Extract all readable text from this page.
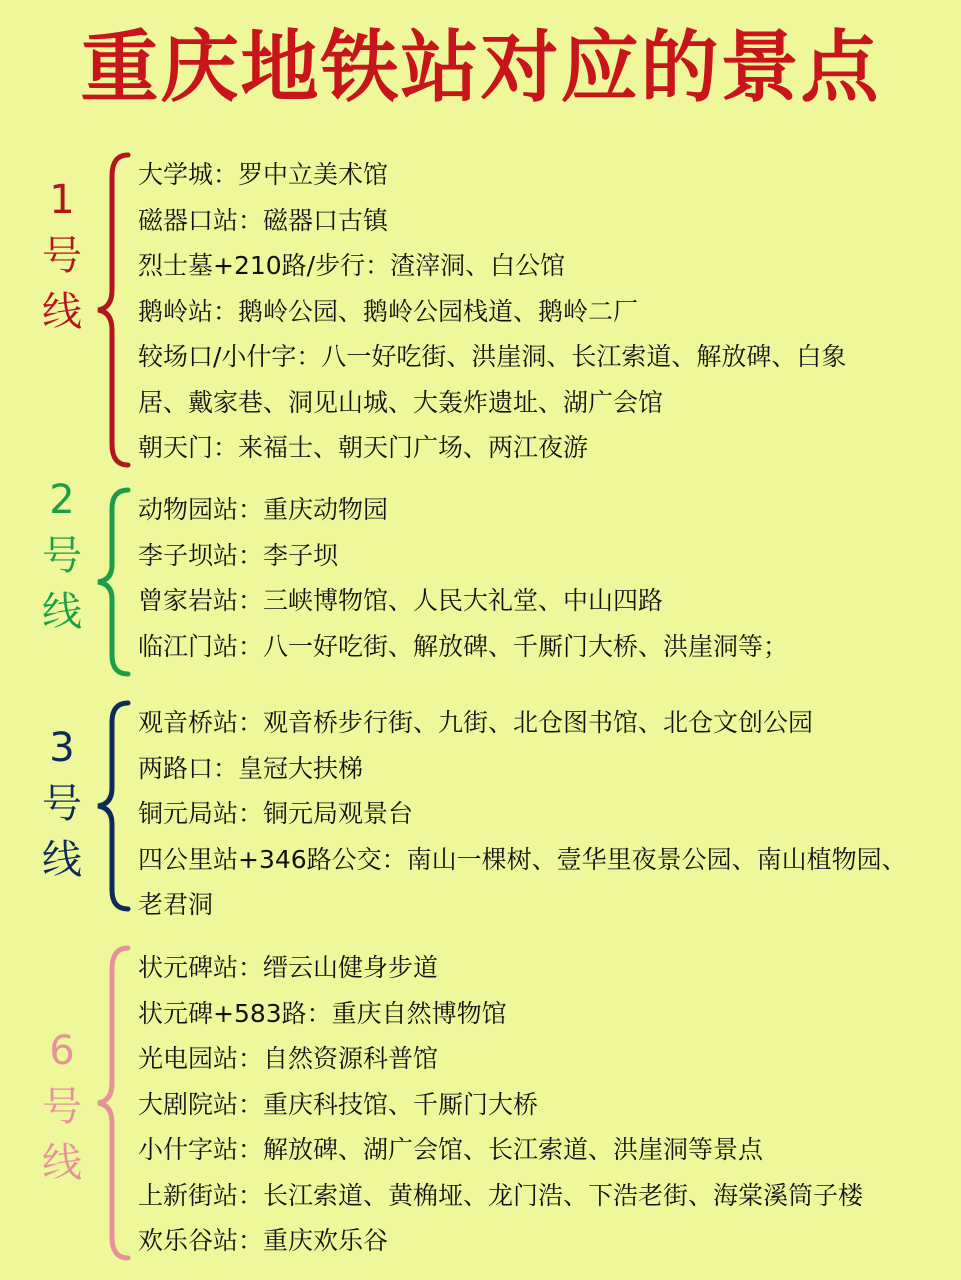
重庆地铁站对应的景点
1
号
线
大学城：罗中立美术馆
磁器口站：磁器口古镇
烈士墓+210路/步行：渣滓洞、白公馆
鹅岭站：鹅岭公园、鹅岭公园栈道、鹅岭二厂
较场口/小什字：八一好吃街、洪崖洞、长江索道、解放碑、白象
居、戴家巷、洞见山城、大轰炸遗址、湖广会馆
朝天门：来福士、朝天门广场、两江夜游
2
号
线
动物园站：重庆动物园
李子坝站：李子坝
曾家岩站：三峡博物馆、人民大礼堂、中山四路
临江门站：八一好吃街、解放碑、千厮门大桥、洪崖洞等；
3
号
线
观音桥站：观音桥步行街、九街、北仓图书馆、北仓文创公园
两路口：皇冠大扶梯
铜元局站：铜元局观景台
四公里站+346路公交：南山一棵树、壹华里夜景公园、南山植物园、
老君洞
6
号
线
状元碑站：缙云山健身步道
状元碑+583路：重庆自然博物馆
光电园站：自然资源科普馆
大剧院站：重庆科技馆、千厮门大桥
小什字站：解放碑、湖广会馆、长江索道、洪崖洞等景点
上新街站：长江索道、黄桷垭、龙门浩、下浩老街、海棠溪筒子楼
欢乐谷站：重庆欢乐谷
